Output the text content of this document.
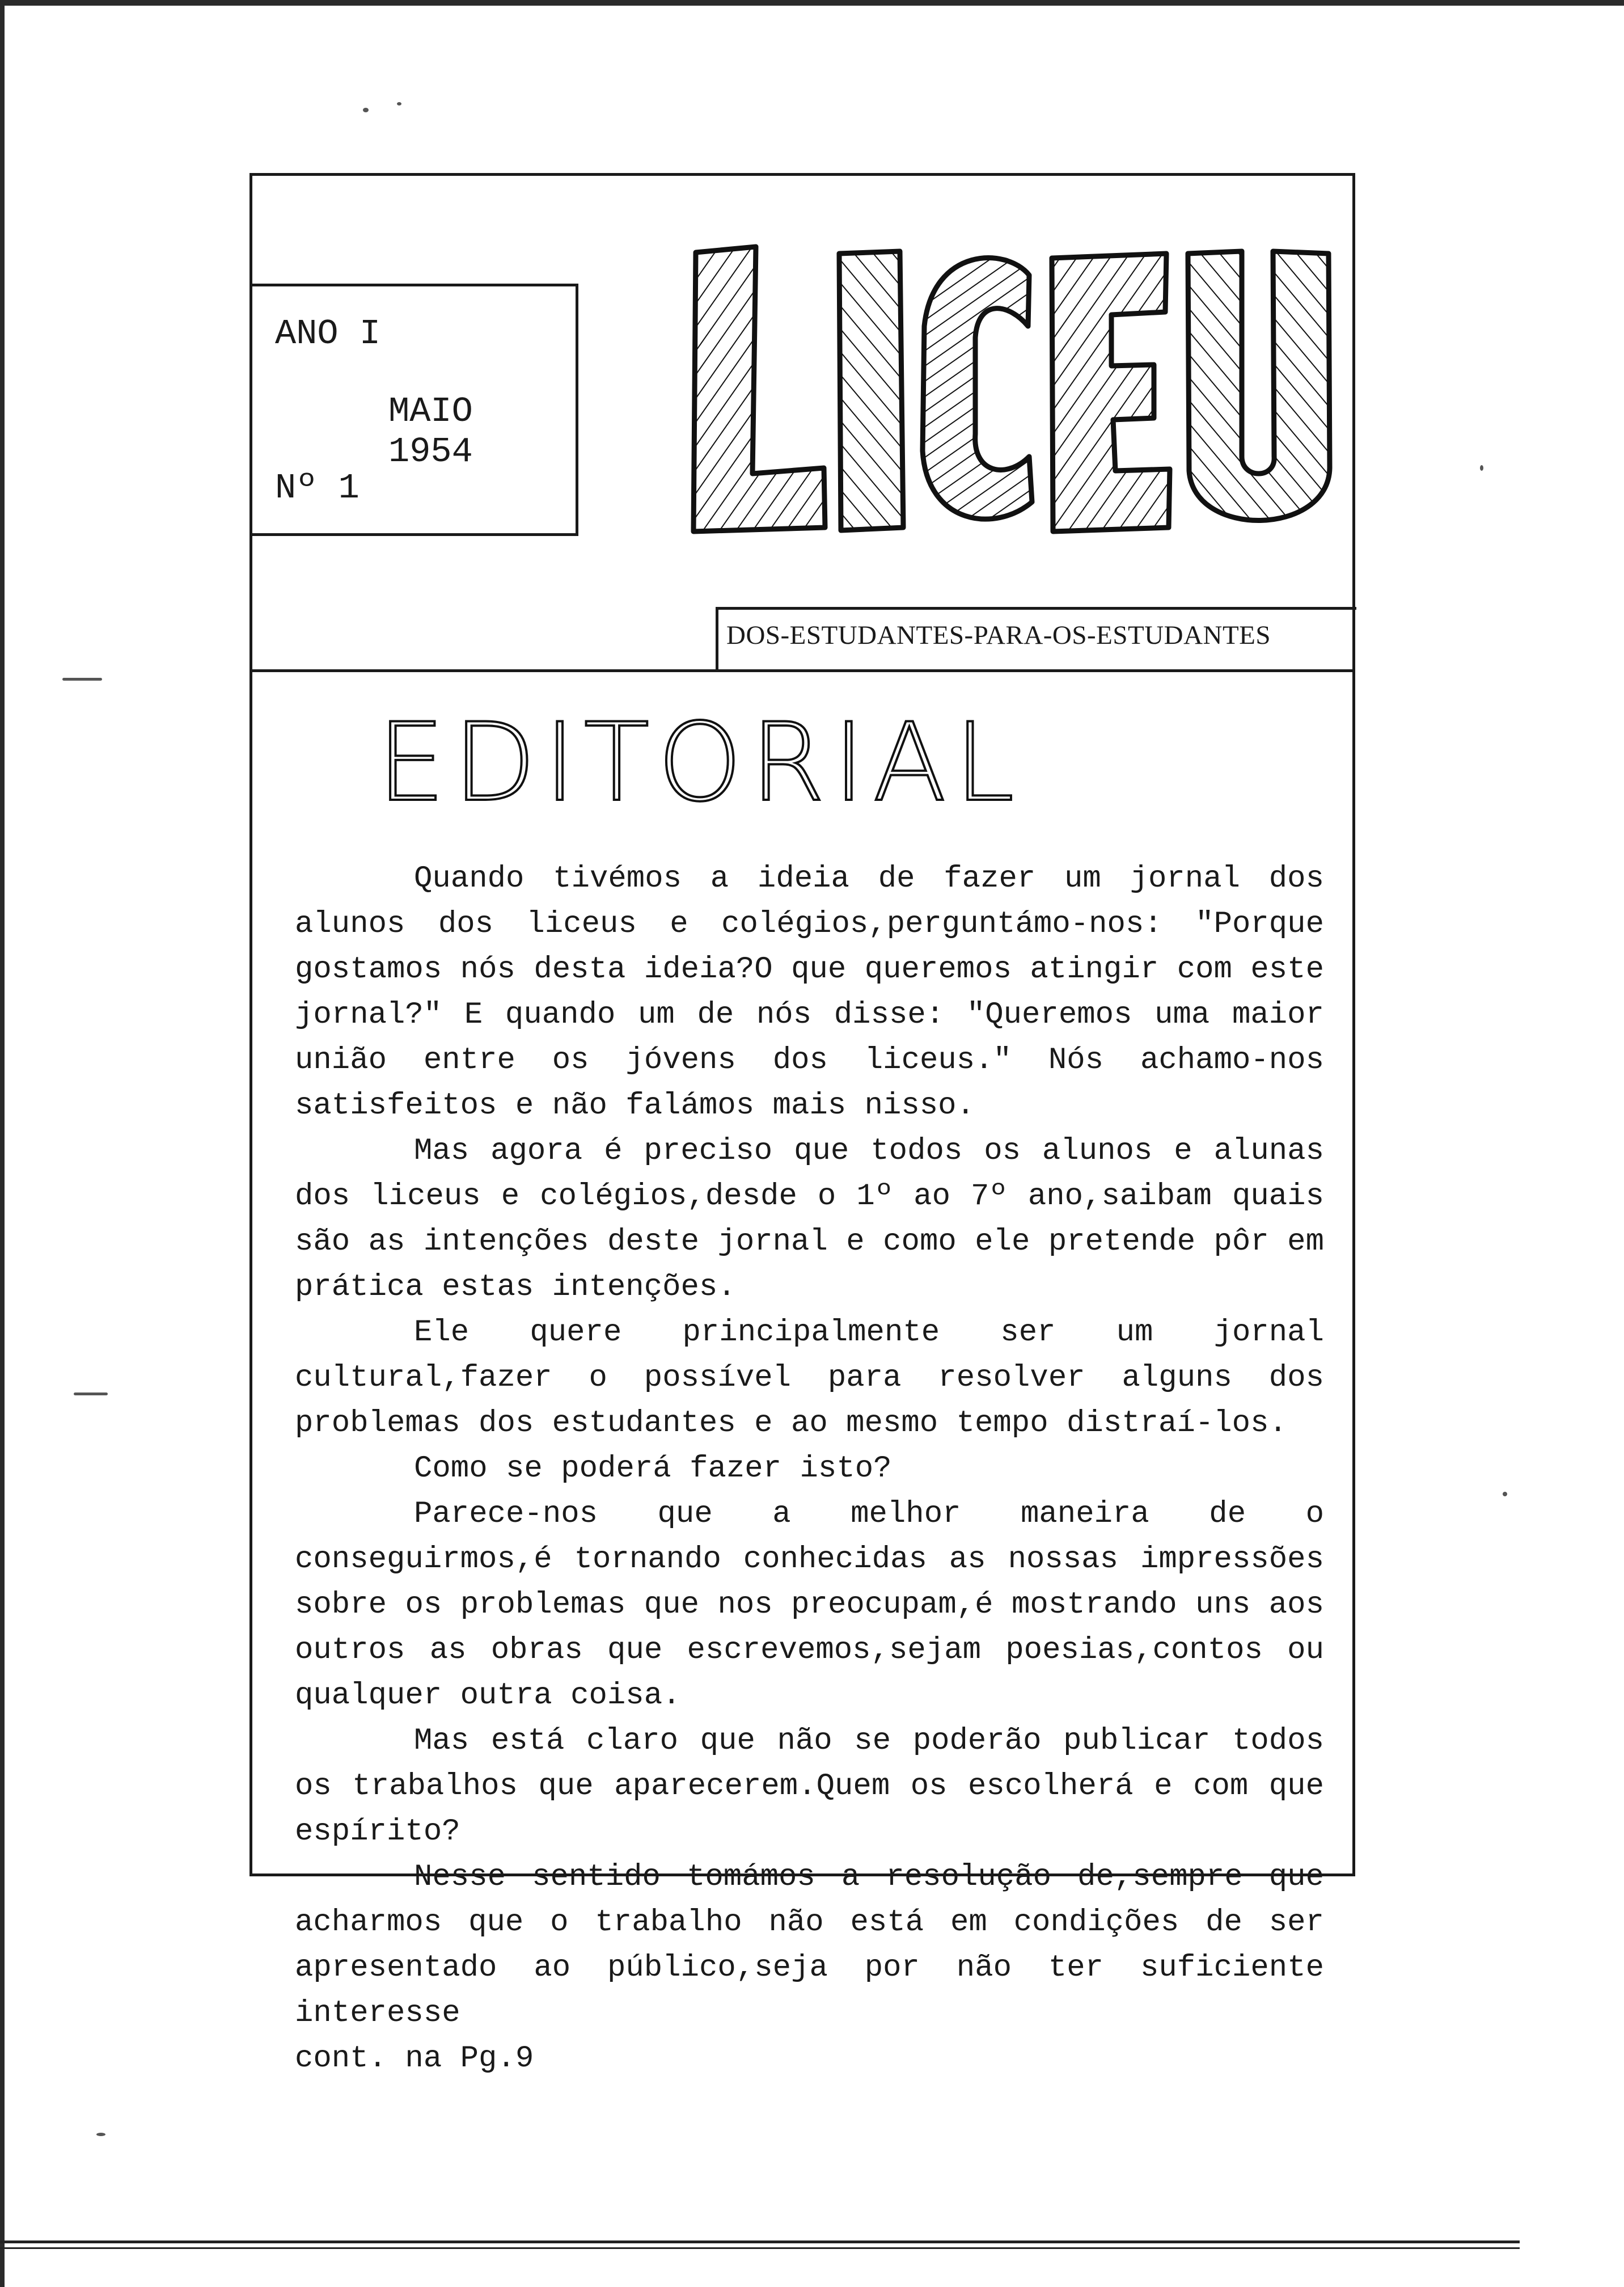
ANO I
MAIO 1954
Nº 1
DOS-ESTUDANTES-PARA-OS-ESTUDANTES
EDITORIAL

Quando tivémos a ideia de fazer um jornal dos alunos dos liceus e colégios,perguntámo-nos: "Porque gostamos nós desta ideia?O que queremos atingir com este jornal?" E quando um de nós disse: "Queremos uma maior união entre os jóvens dos liceus." Nós achamo-nos satisfeitos e não falámos mais nisso.

Mas agora é preciso que todos os alunos e alunas dos liceus e colégios,desde o 1º ao 7º ano,saibam quais são as intenções deste jornal e como ele pretende pôr em prática estas intenções.

Ele quere principalmente ser um jornal cultural,fazer o possível para resolver alguns dos problemas dos estudantes e ao mesmo tempo distraí-los.

Como se poderá fazer isto?

Parece-nos que a melhor maneira de o conseguirmos,é tornando conhecidas as nossas impressões sobre os problemas que nos preocupam,é mostrando uns aos outros as obras que escrevemos,sejam poesias,contos ou qualquer outra coisa.

Mas está claro que não se poderão publicar todos os trabalhos que aparecerem.Quem os escolherá e com que espírito?

Nesse sentido tomámos a resolução de,sempre que acharmos que o trabalho não está em condições de ser apresentado ao público,seja por não ter suficiente interesse

cont. na Pg.9
